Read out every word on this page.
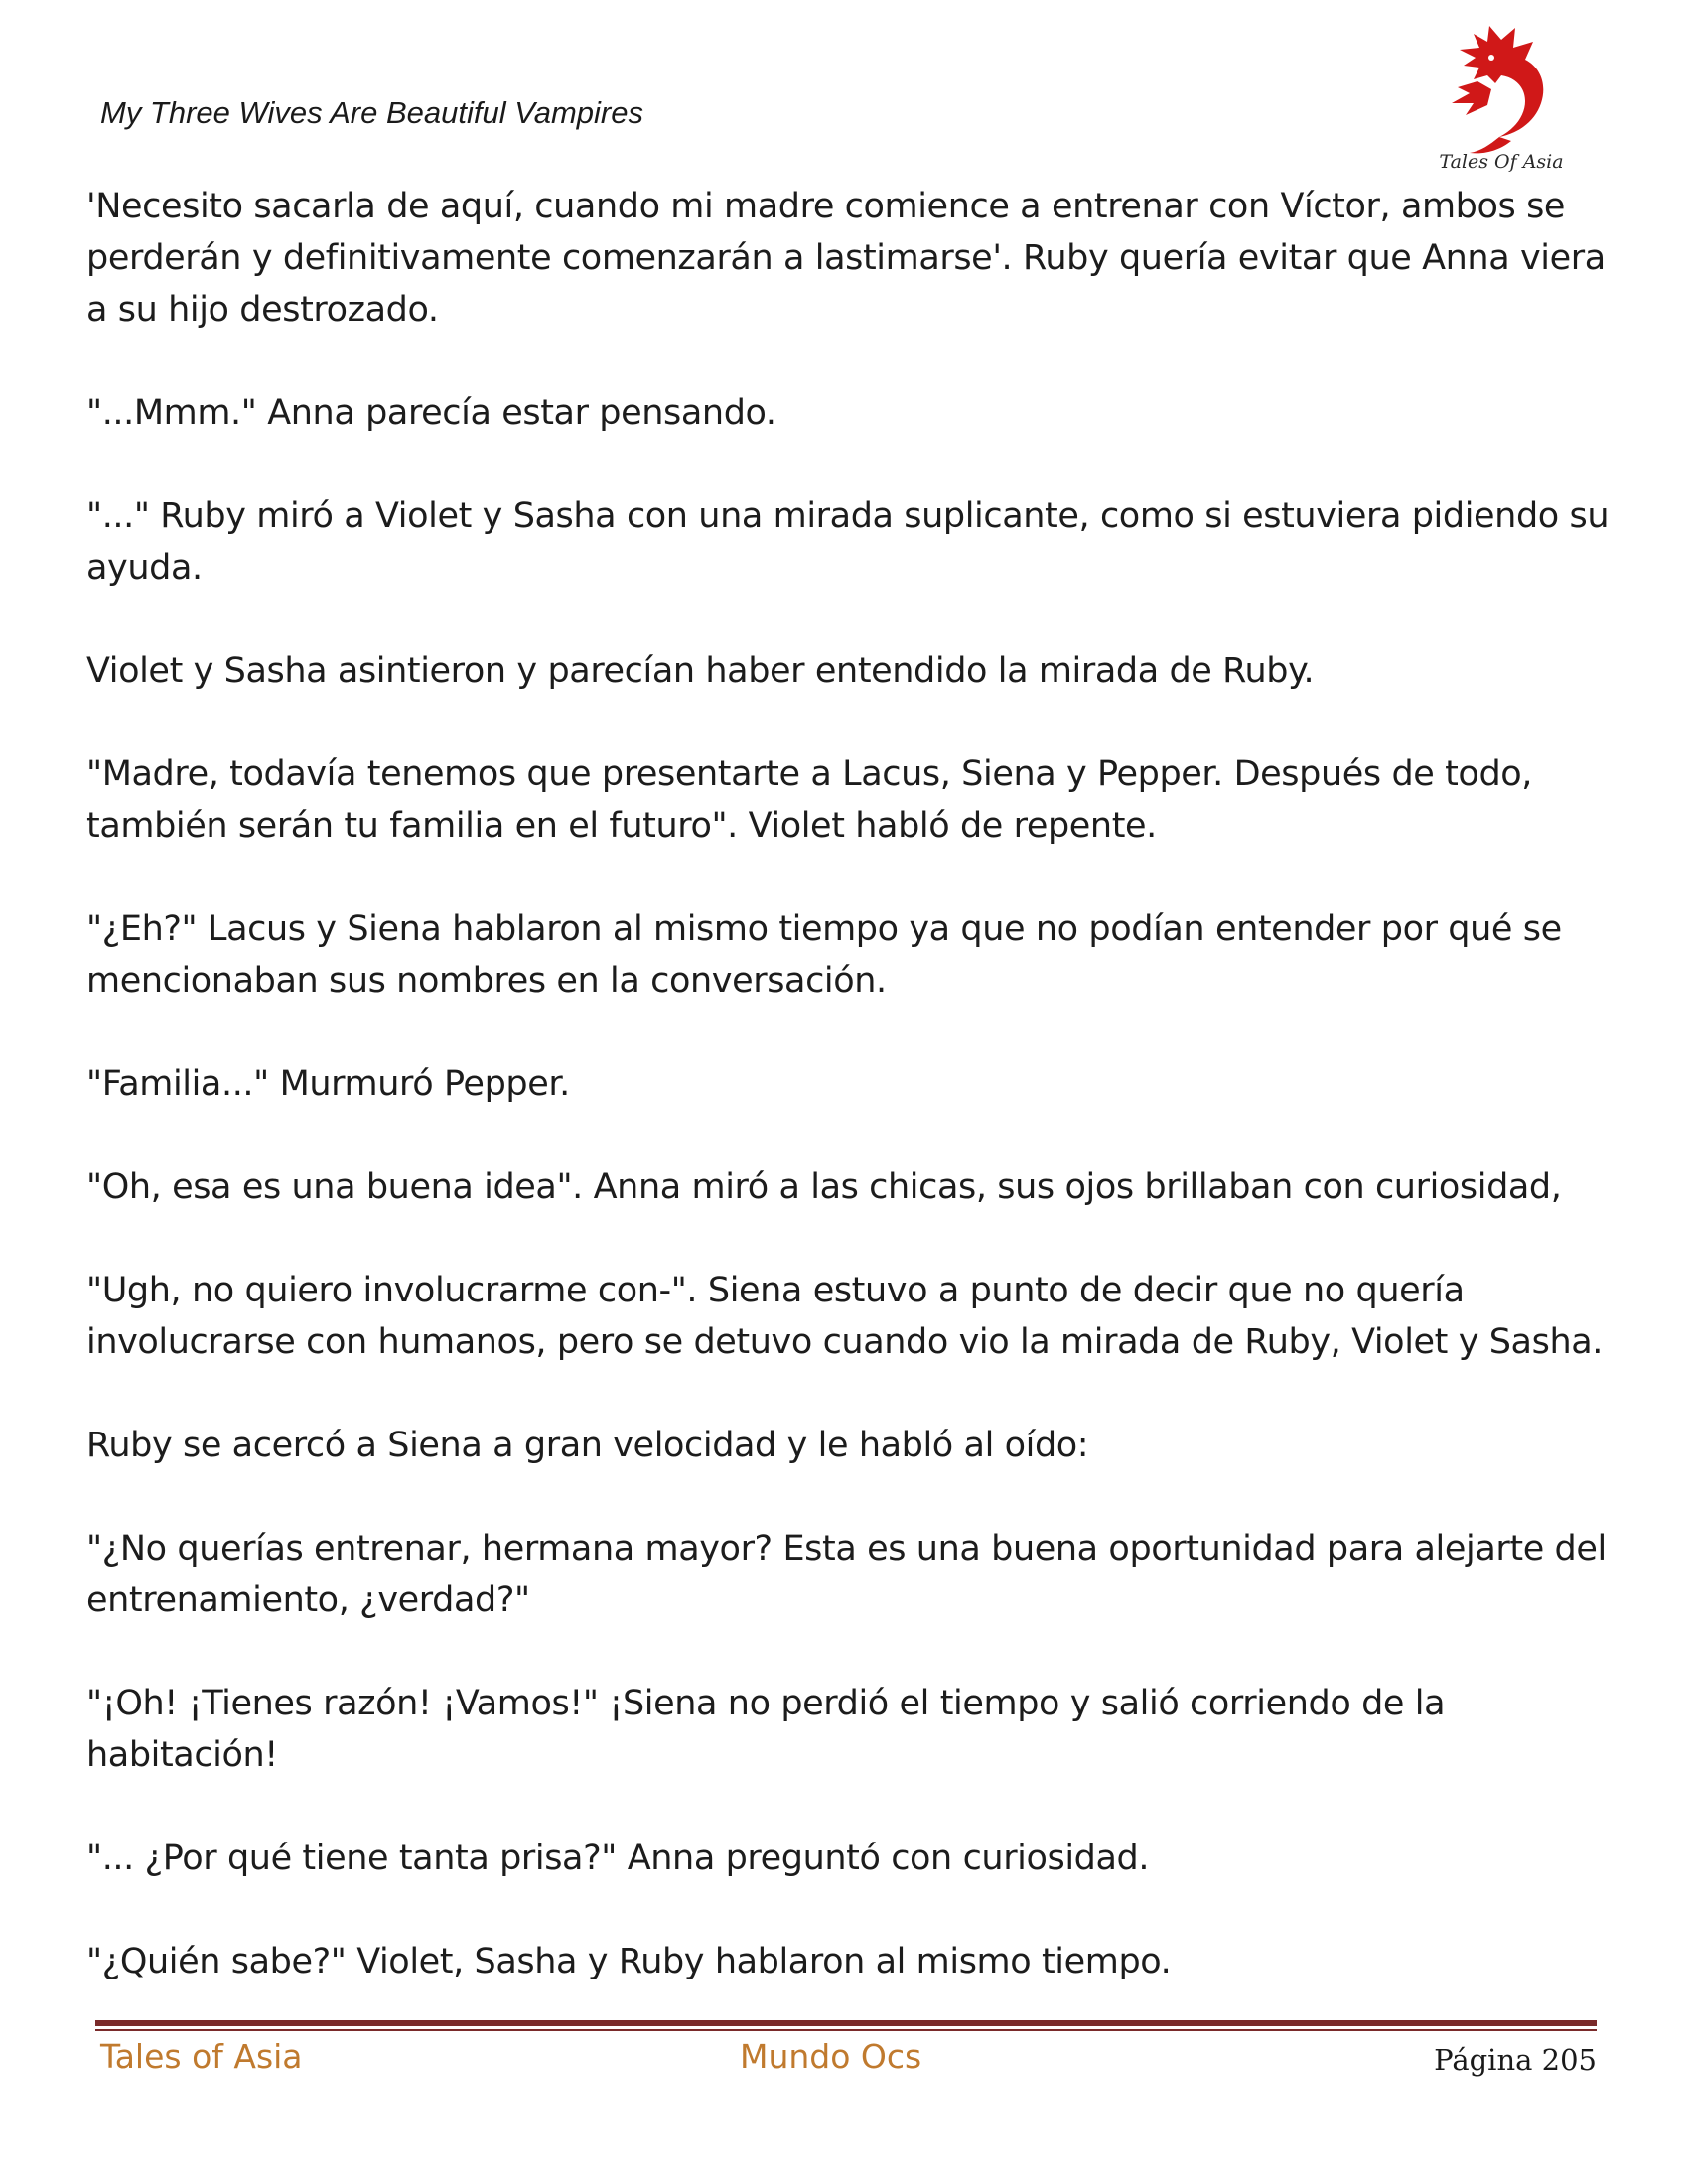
My Three Wives Are Beautiful Vampires
Tales Of Asia

'Necesito sacarla de aquí, cuando mi madre comience a entrenar con Víctor, ambos se perderán y definitivamente comenzarán a lastimarse'. Ruby quería evitar que Anna viera a su hijo destrozado.

"...Mmm." Anna parecía estar pensando.

"..." Ruby miró a Violet y Sasha con una mirada suplicante, como si estuviera pidiendo su ayuda.

Violet y Sasha asintieron y parecían haber entendido la mirada de Ruby.

"Madre, todavía tenemos que presentarte a Lacus, Siena y Pepper. Después de todo, también serán tu familia en el futuro". Violet habló de repente.

"¿Eh?" Lacus y Siena hablaron al mismo tiempo ya que no podían entender por qué se mencionaban sus nombres en la conversación.

"Familia..." Murmuró Pepper.

"Oh, esa es una buena idea". Anna miró a las chicas, sus ojos brillaban con curiosidad,

"Ugh, no quiero involucrarme con-". Siena estuvo a punto de decir que no quería involucrarse con humanos, pero se detuvo cuando vio la mirada de Ruby, Violet y Sasha.

Ruby se acercó a Siena a gran velocidad y le habló al oído:

"¿No querías entrenar, hermana mayor? Esta es una buena oportunidad para alejarte del entrenamiento, ¿verdad?"

"¡Oh! ¡Tienes razón! ¡Vamos!" ¡Siena no perdió el tiempo y salió corriendo de la habitación!

"... ¿Por qué tiene tanta prisa?" Anna preguntó con curiosidad.

"¿Quién sabe?" Violet, Sasha y Ruby hablaron al mismo tiempo.

Tales of Asia	Mundo Ocs	Página 205
